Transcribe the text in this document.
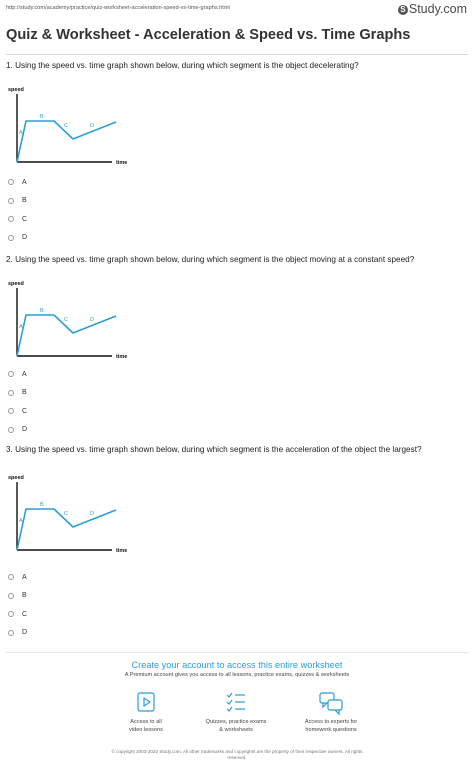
http://study.com/academy/practice/quiz-worksheet-acceleration-speed-vs-time-graphs.html	S Study.com
Quiz & Worksheet - Acceleration & Speed vs. Time Graphs
1. Using the speed vs. time graph shown below, during which segment is the object decelerating?
speed
time
A
B
C	D
A
B
C
D
2. Using the speed vs. time graph shown below, during which segment is the object moving at a constant speed?
speed
time
A
B
C	D
A
B
C
D
3. Using the speed vs. time graph shown below, during which segment is the acceleration of the object the largest?
speed
time
A
B
C	D
A
B
C
D
Create your account to access this entire worksheet
A Premium account gives you access to all lessons, practice exams, quizzes & worksheets
Access to all
video lessons
Quizzes, practice exams
& worksheets
Access to experts for
homework questions
© copyright 2003-2020 Study.com. All other trademarks and copyrights are the property of their respective owners. All rights
reserved.
